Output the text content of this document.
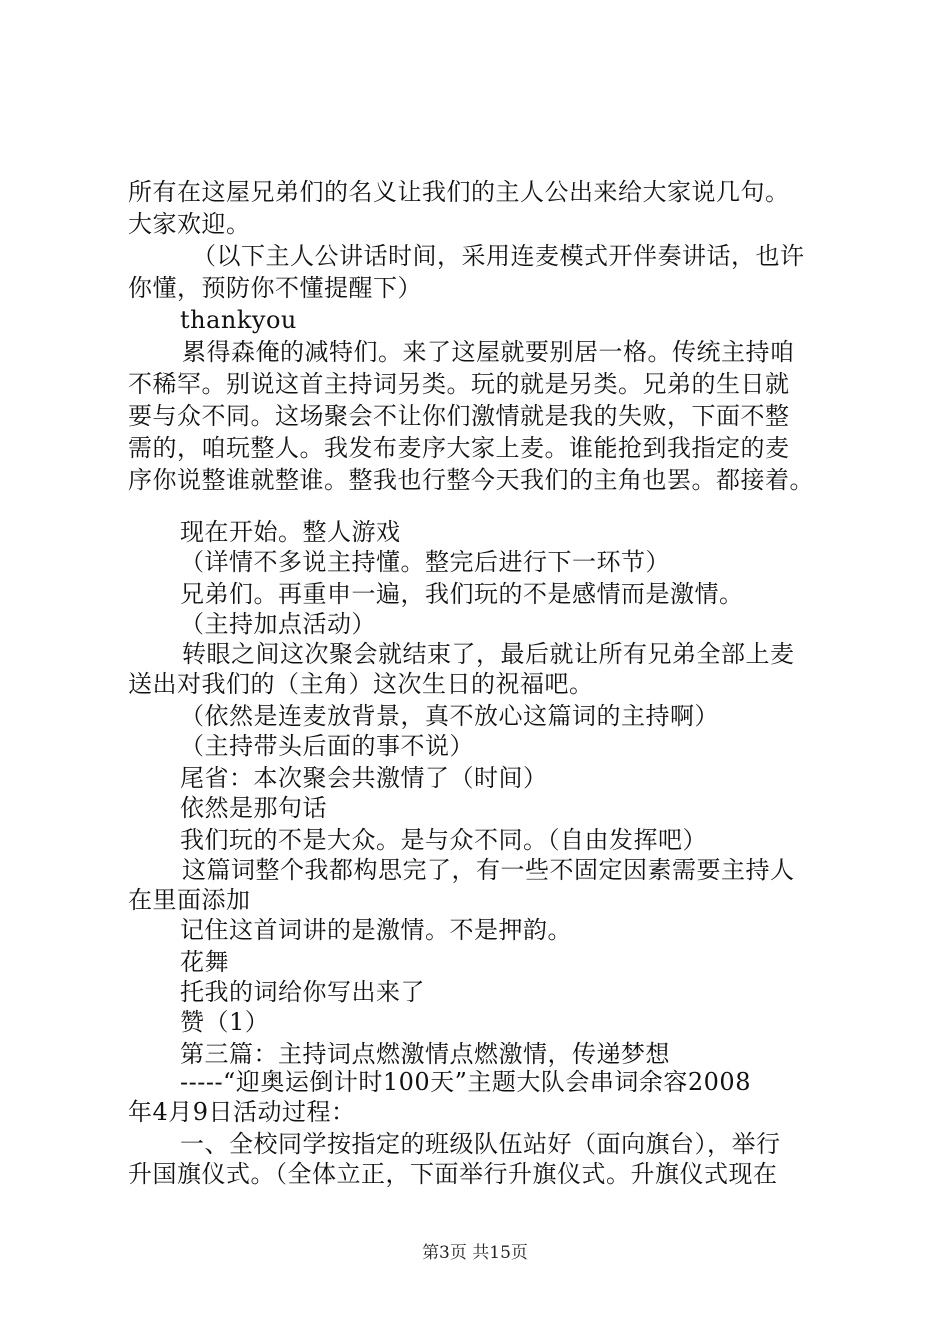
所有在这屋兄弟们的名义让我们的主人公出来给大家说几句。
大家欢迎。
（以下主人公讲话时间，采用连麦模式开伴奏讲话，也许
你懂，预防你不懂提醒下）
thankyou
累得森俺的减特们。来了这屋就要别居一格。传统主持咱
不稀罕。别说这首主持词另类。玩的就是另类。兄弟的生日就
要与众不同。这场聚会不让你们激情就是我的失败，下面不整
需的，咱玩整人。我发布麦序大家上麦。谁能抢到我指定的麦
序你说整谁就整谁。整我也行整今天我们的主角也罢。都接着。
现在开始。整人游戏
（详情不多说主持懂。整完后进行下一环节）
兄弟们。再重申一遍，我们玩的不是感情而是激情。
（主持加点活动）
转眼之间这次聚会就结束了，最后就让所有兄弟全部上麦
送出对我们的（主角）这次生日的祝福吧。
（依然是连麦放背景，真不放心这篇词的主持啊）
（主持带头后面的事不说）
尾省：本次聚会共激情了（时间）
依然是那句话
我们玩的不是大众。是与众不同。（自由发挥吧）
这篇词整个我都构思完了，有一些不固定因素需要主持人
在里面添加
记住这首词讲的是激情。不是押韵。
花舞
托我的词给你写出来了
赞（1）
第三篇：主持词点燃激情点燃激情，传递梦想
-----“迎奥运倒计时100天”主题大队会串词余容2008
年4月9日活动过程：
一、全校同学按指定的班级队伍站好（面向旗台），举行
升国旗仪式。（全体立正，下面举行升旗仪式。升旗仪式现在
第3页 共15页
